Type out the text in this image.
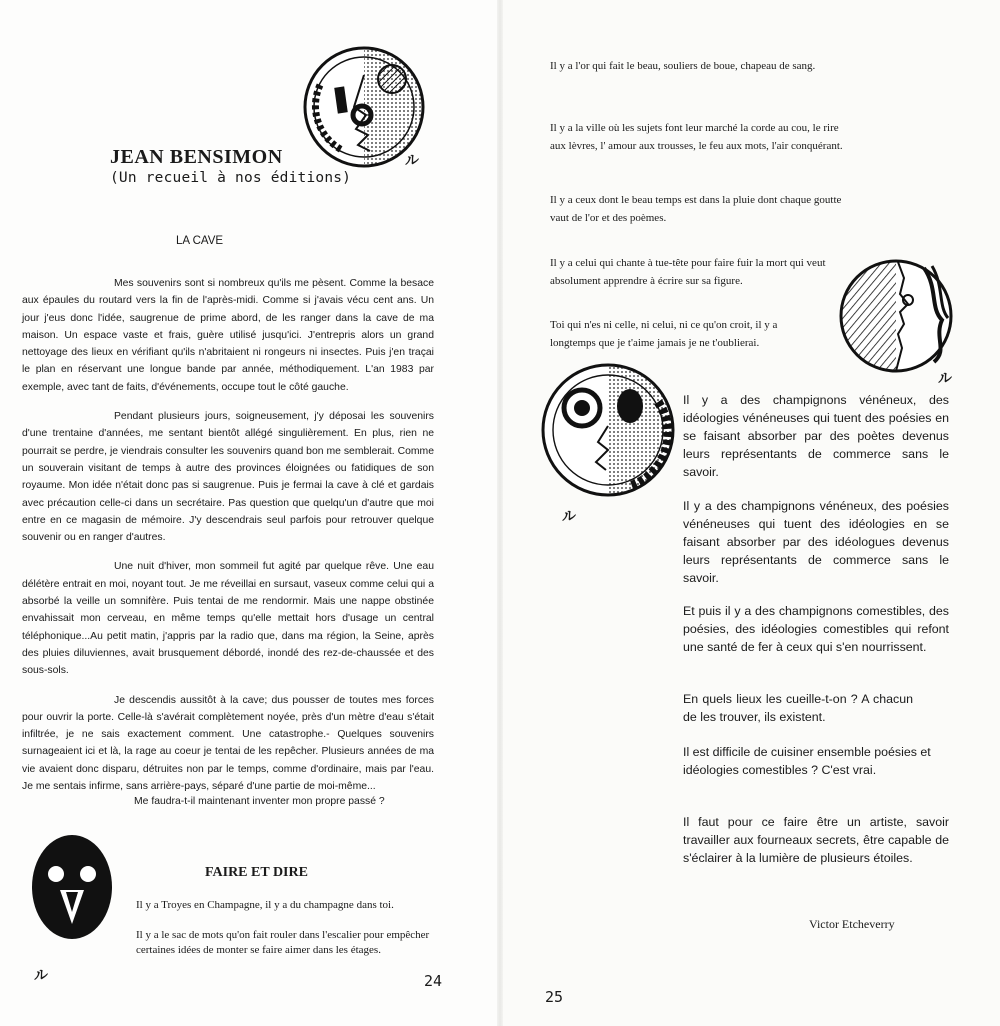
ル
JEAN BENSIMON
(Un recueil à nos éditions)
LA CAVE

Mes souvenirs sont si nombreux qu'ils me pèsent. Comme la besace aux épaules du routard vers la fin de l'après-midi. Comme si j'avais vécu cent ans. Un jour j'eus donc l'idée, saugrenue de prime abord, de les ranger dans la cave de ma maison. Un espace vaste et frais, guère utilisé jusqu'ici. J'entrepris alors un grand nettoyage des lieux en vérifiant qu'ils n'abritaient ni rongeurs ni insectes. Puis j'en traçai le plan en réservant une longue bande par année, méthodiquement. L'an 1983 par exemple, avec tant de faits, d'événements, occupe tout le côté gauche.

Pendant plusieurs jours, soigneusement, j'y déposai les souvenirs d'une trentaine d'années, me sentant bientôt allégé singulièrement. En plus, rien ne pourrait se perdre, je viendrais consulter les souvenirs quand bon me semblerait. Comme un souverain visitant de temps à autre des provinces éloignées ou fatidiques de son royaume. Mon idée n'était donc pas si saugrenue. Puis je fermai la cave à clé et gardais avec précaution celle-ci dans un secrétaire. Pas question que quelqu'un d'autre que moi entre en ce magasin de mémoire. J'y descendrais seul parfois pour retrouver quelque souvenir ou en ranger d'autres.

Une nuit d'hiver, mon sommeil fut agité par quelque rêve. Une eau délétère entrait en moi, noyant tout. Je me réveillai en sursaut, vaseux comme celui qui a absorbé la veille un somnifère. Puis tentai de me rendormir. Mais une nappe obstinée envahissait mon cerveau, en même temps qu'elle mettait hors d'usage un central téléphonique...Au petit matin, j'appris par la radio que, dans ma région, la Seine, après des pluies diluviennes, avait brusquement débordé, inondé des rez-de-chaussée et des sous-sols.

Je descendis aussitôt à la cave; dus pousser de toutes mes forces pour ouvrir la porte. Celle-là s'avérait complètement noyée, près d'un mètre d'eau s'était infiltrée, je ne sais exactement comment. Une catastrophe.- Quelques souvenirs surnageaient ici et là, la rage au coeur je tentai de les repêcher. Plusieurs années de ma vie avaient donc disparu, détruites non par le temps, comme d'ordinaire, mais par l'eau. Je me sentais infirme, sans arrière-pays, séparé d'une partie de moi-même...

Me faudra-t-il maintenant inventer mon propre passé ?

ル
FAIRE ET DIRE

Il y a Troyes en Champagne, il y a du champagne dans toi.

Il y a le sac de mots qu'on fait rouler dans l'escalier pour empêcher certaines idées de monter se faire aimer dans les étages.

24
Il y a l'or qui fait le beau, souliers de boue, chapeau de sang.
Il y a la ville où les sujets font leur marché la corde au cou, le rire aux lèvres, l' amour aux trousses, le feu aux mots, l'air conquérant.
Il y a ceux dont le beau temps est dans la pluie dont chaque goutte vaut de l'or et des poèmes.
Il y a celui qui chante à tue-tête pour faire fuir la mort qui veut absolument apprendre à écrire sur sa figure.
Toi qui n'es ni celle, ni celui, ni ce qu'on croit, il y a longtemps que je t'aime jamais je ne t'oublierai.
ル
ル

Il y a des champignons vénéneux, des idéologies vénéneuses qui tuent des poésies en se faisant absorber par des poètes devenus leurs représentants de commerce sans le savoir.

Il y a des champignons vénéneux, des poésies vénéneuses qui tuent des idéologies en se faisant absorber par des idéologues devenus leurs représentants de commerce sans le savoir.

Et puis il y a des champignons comestibles, des poésies, des idéologies comestibles qui refont une santé de fer à ceux qui s'en nourrissent.

En quels lieux les cueille-t-on ? A chacun de les trouver, ils existent.

Il est difficile de cuisiner ensemble poésies et idéologies comestibles ? C'est vrai.

Il faut pour ce faire être un artiste, savoir travailler aux fourneaux secrets, être capable de s'éclairer à la lumière de plusieurs étoiles.

Victor Etcheverry
25
